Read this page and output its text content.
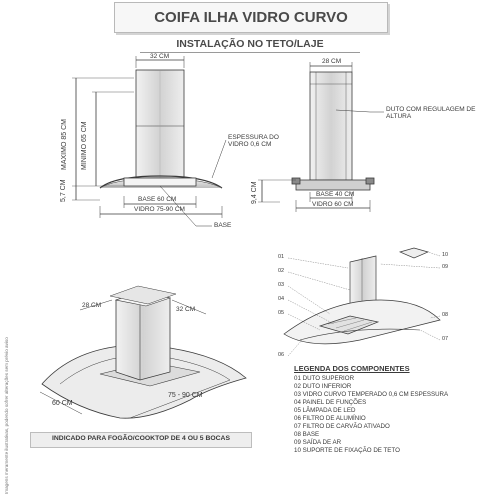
COIFA ILHA VIDRO CURVO
INSTALAÇÃO NO TETO/LAJE
32 CM
MAXIMO 85 CM
MINIMO 65 CM
5,7 CM
ESPESSURA DO VIDRO 0,6 CM
BASE 60 CM
VIDRO 75-90 CM
BASE
28 CM
DUTO COM REGULAGEM DE ALTURA
9,4 CM
BASE 40 CM
VIDRO 60 CM
28 CM
32 CM
60 CM
75 - 90 CM
01
02
03
04
05
06
07
08
09
10
LEGENDA DOS COMPONENTES
01 DUTO SUPERIOR
02 DUTO INFERIOR
03 VIDRO CURVO TEMPERADO 0,6 CM ESPESSURA
04 PAINEL DE FUNÇÕES
05 LÂMPADA DE LED
06 FILTRO DE ALUMÍNIO
07 FILTRO DE CARVÃO ATIVADO
08 BASE
09 SAÍDA DE AR
10 SUPORTE DE FIXAÇÃO DE TETO
INDICADO PARA FOGÃO/COOKTOP DE 4 OU 5 BOCAS
Imagens meramente ilustrativas, podendo sofrer alterações sem prévio aviso
